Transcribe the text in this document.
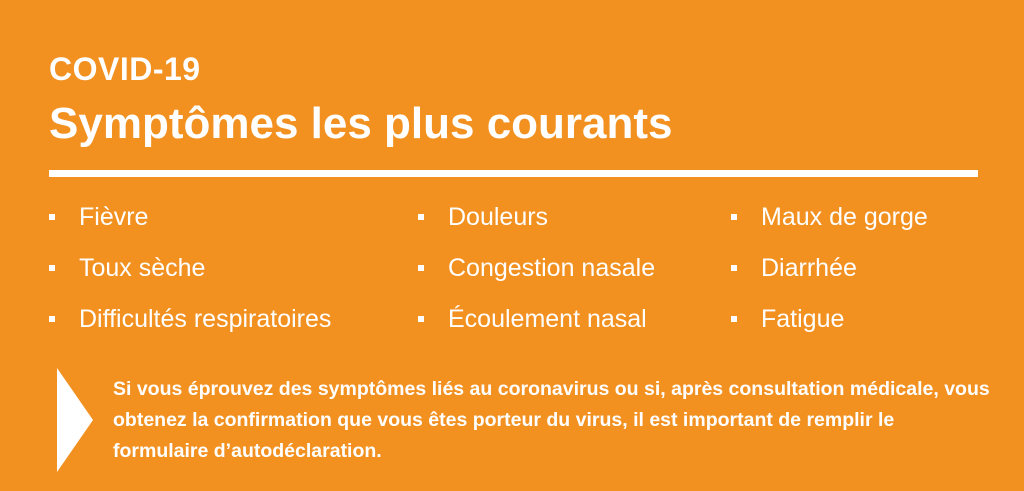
COVID-19
Symptômes les plus courants
Fièvre
Toux sèche
Difficultés respiratoires
Douleurs
Congestion nasale
Écoulement nasal
Maux de gorge
Diarrhée
Fatigue

Si vous éprouvez des symptômes liés au coronavirus ou si, après consultation médicale, vous obtenez la confirmation que vous êtes porteur du virus, il est important de remplir le formulaire d’autodéclaration.
